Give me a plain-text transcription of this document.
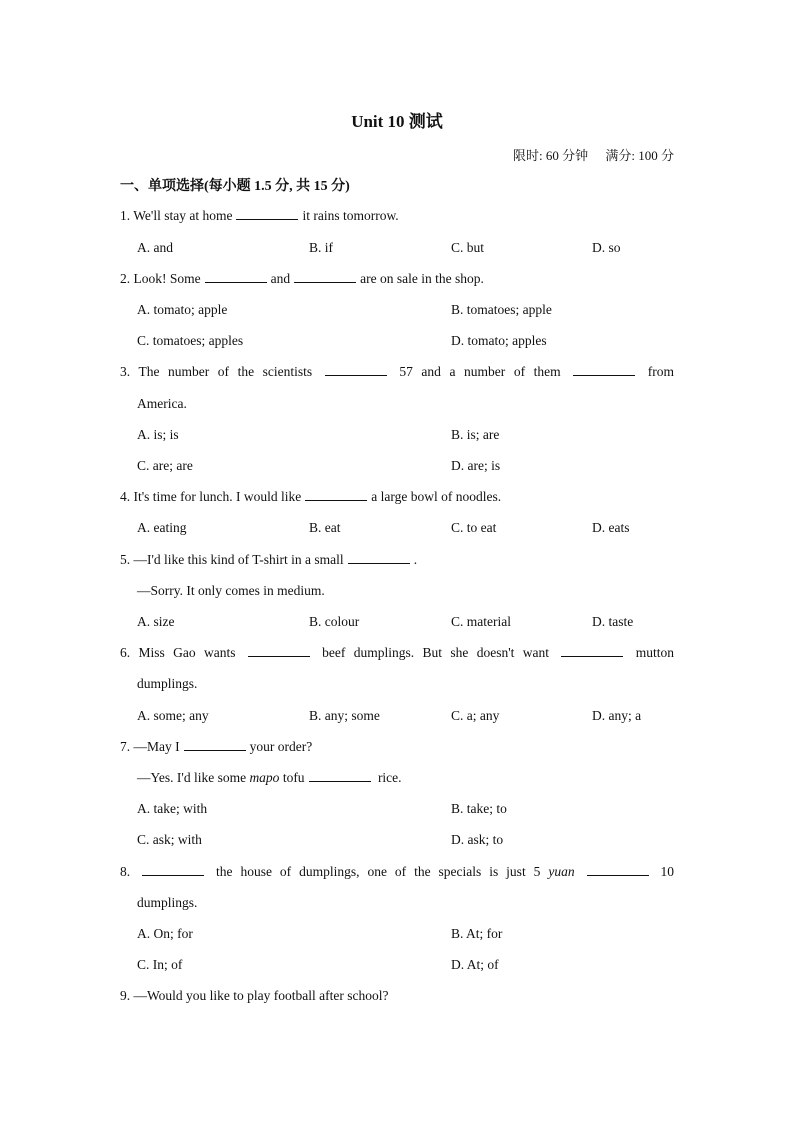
Unit 10 测试
限时: 60 分钟 满分: 100 分
一、单项选择(每小题 1.5 分, 共 15 分)
1. We'll stay at home	it rains tomorrow.
A. and	B. if	C. but	D. so
2. Look! Some	and	are on sale in the shop.
A. tomato; apple	B. tomatoes; apple
C. tomatoes; apples	D. tomato; apples
3. The number of the scientists	57 and a number of them	from
America.
A. is; is	B. is; are
C. are; are	D. are; is
4. It's time for lunch. I would like	a large bowl of noodles.
A. eating	B. eat	C. to eat	D. eats
5. —I'd like this kind of T-shirt in a small	.
—Sorry. It only comes in medium.
A. size	B. colour	C. material	D. taste
6. Miss Gao wants	beef dumplings. But she doesn't want	mutton
dumplings.
A. some; any	B. any; some	C. a; any	D. any; a
7. —May I	your order?
—Yes. I'd like some mapo tofu	rice.
A. take; with	B. take; to
C. ask; with	D. ask; to
8.	the house of dumplings, one of the specials is just 5 yuan	10
dumplings.
A. On; for	B. At; for
C. In; of	D. At; of
9. —Would you like to play football after school?
